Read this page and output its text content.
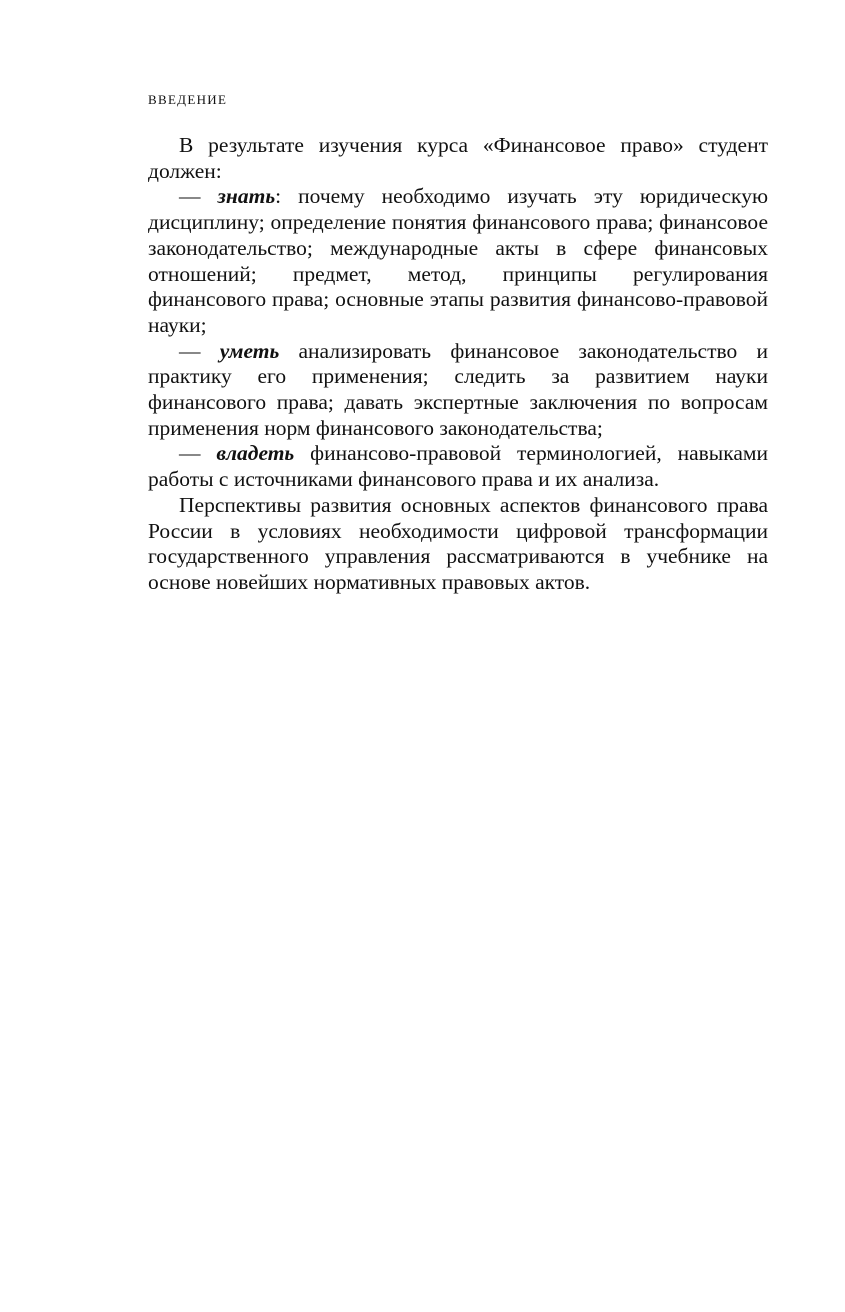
ВВЕДЕНИЕ

В результате изучения курса «Финансовое право» студент должен:

— знать: почему необходимо изучать эту юридическую дисциплину; определение понятия финансового права; финансовое законодательство; международные акты в сфере финансовых отношений; предмет, метод, принципы регулирования финансового права; основные этапы развития финансово-правовой науки;

— уметь анализировать финансовое законодательство и практику его применения; следить за развитием науки финансового права; давать экспертные заключения по вопросам применения норм финансового законодательства;

— владеть финансово-правовой терминологией, навыками работы с источниками финансового права и их анализа.

Перспективы развития основных аспектов финансового права России в условиях необходимости цифровой трансформации государственного управления рассматриваются в учебнике на основе новейших нормативных правовых актов.
